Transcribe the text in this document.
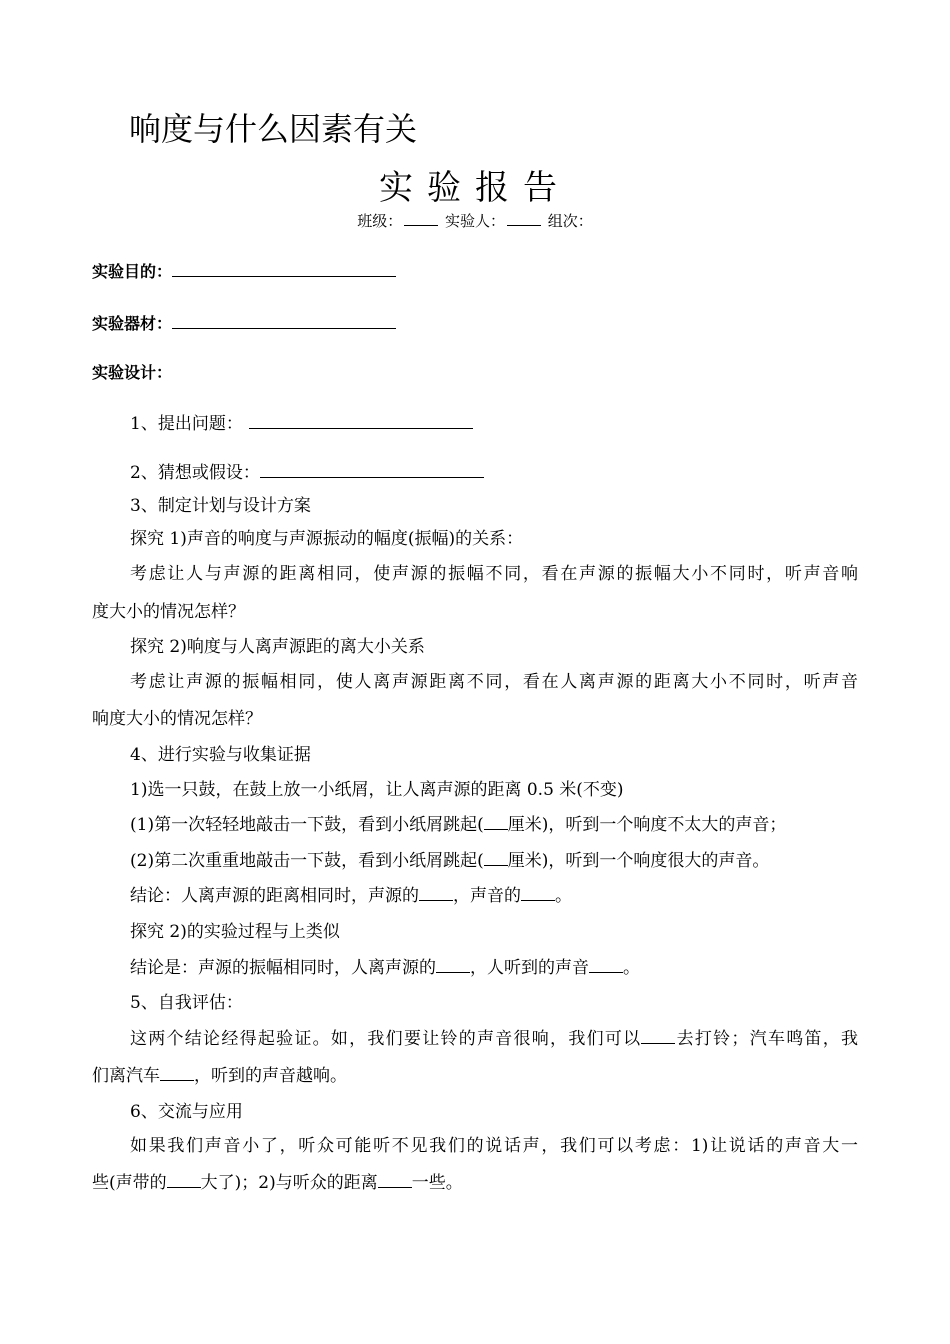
响度与什么因素有关
实验报告
班级：	实验人：	组次：
实验目的：
实验器材：
实验设计：
1、提出问题：
2、猜想或假设：
3、制定计划与设计方案
探究 1)声音的响度与声源振动的幅度(振幅)的关系：
考虑让人与声源的距离相同，使声源的振幅不同，看在声源的振幅大小不同时，听声音响
度大小的情况怎样？
探究 2)响度与人离声源距的离大小关系
考虑让声源的振幅相同，使人离声源距离不同，看在人离声源的距离大小不同时，听声音
响度大小的情况怎样？
4、进行实验与收集证据
1)选一只鼓，在鼓上放一小纸屑，让人离声源的距离 0.5 米(不变)
(1)第一次轻轻地敲击一下鼓，看到小纸屑跳起( 厘米)，听到一个响度不太大的声音；
(2)第二次重重地敲击一下鼓，看到小纸屑跳起( 厘米)，听到一个响度很大的声音。
结论：人离声源的距离相同时，声源的 ，声音的 。
探究 2)的实验过程与上类似
结论是：声源的振幅相同时，人离声源的 ，人听到的声音 。
5、自我评估：
这两个结论经得起验证。如，我们要让铃的声音很响，我们可以 去打铃；汽车鸣笛，我
们离汽车 ，听到的声音越响。
6、交流与应用
如果我们声音小了，听众可能听不见我们的说话声，我们可以考虑：1)让说话的声音大一
些(声带的 大了)；2)与听众的距离 一些。
